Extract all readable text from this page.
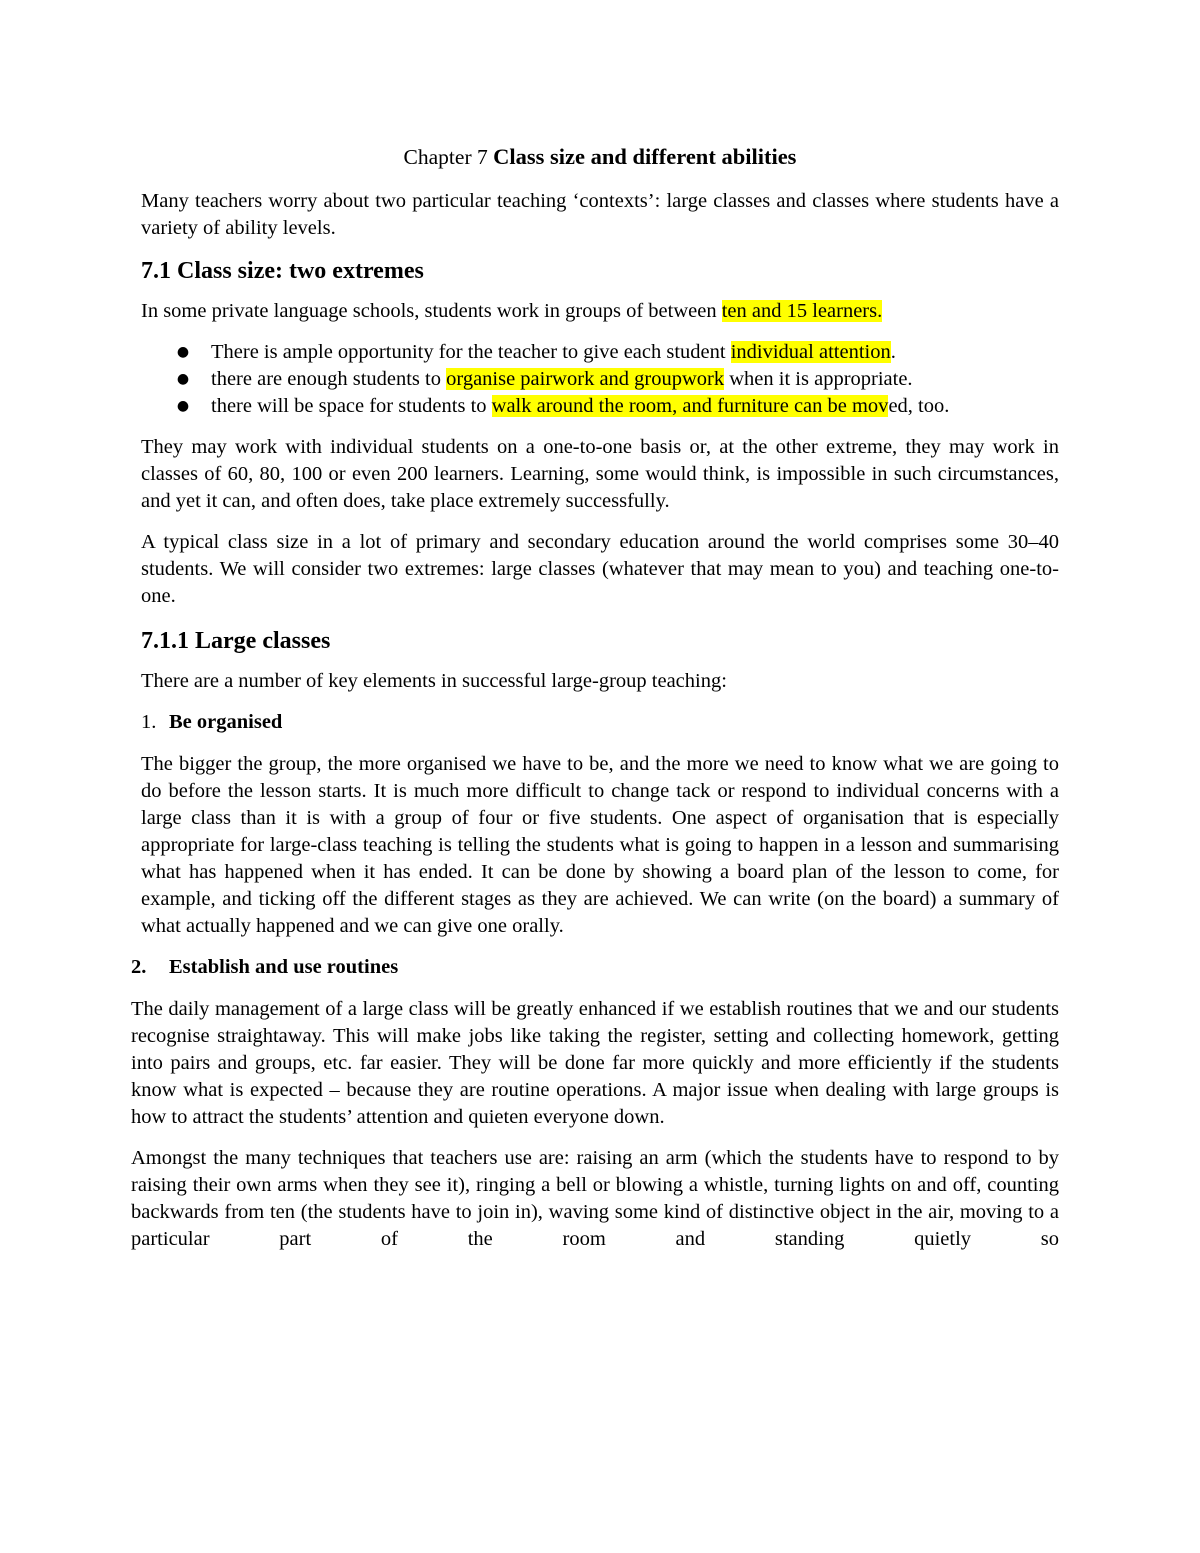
Chapter 7 Class size and different abilities

Many teachers worry about two particular teaching ‘contexts’: large classes and classes where students have a variety of ability levels.

7.1 Class size: two extremes

In some private language schools, students work in groups of between ten and 15 learners.

● There is ample opportunity for the teacher to give each student individual attention.
● there are enough students to organise pairwork and groupwork when it is appropriate.
● there will be space for students to walk around the room, and furniture can be moved, too.

They may work with individual students on a one-to-one basis or, at the other extreme, they may work in classes of 60, 80, 100 or even 200 learners. Learning, some would think, is impossible in such circumstances, and yet it can, and often does, take place extremely successfully.

A typical class size in a lot of primary and secondary education around the world comprises some 30–40 students. We will consider two extremes: large classes (whatever that may mean to you) and teaching one-to-one.

7.1.1 Large classes

There are a number of key elements in successful large-group teaching:

1. Be organised

The bigger the group, the more organised we have to be, and the more we need to know what we are going to do before the lesson starts. It is much more difficult to change tack or respond to individual concerns with a large class than it is with a group of four or five students. One aspect of organisation that is especially appropriate for large-class teaching is telling the students what is going to happen in a lesson and summarising what has happened when it has ended. It can be done by showing a board plan of the lesson to come, for example, and ticking off the different stages as they are achieved. We can write (on the board) a summary of what actually happened and we can give one orally.

2. Establish and use routines

The daily management of a large class will be greatly enhanced if we establish routines that we and our students recognise straightaway. This will make jobs like taking the register, setting and collecting homework, getting into pairs and groups, etc. far easier. They will be done far more quickly and more efficiently if the students know what is expected – because they are routine operations. A major issue when dealing with large groups is how to attract the students’ attention and quieten everyone down.

Amongst the many techniques that teachers use are: raising an arm (which the students have to respond to by raising their own arms when they see it), ringing a bell or blowing a whistle, turning lights on and off, counting backwards from ten (the students have to join in), waving some kind of distinctive object in the air, moving to a particular part of the room and standing quietly so
